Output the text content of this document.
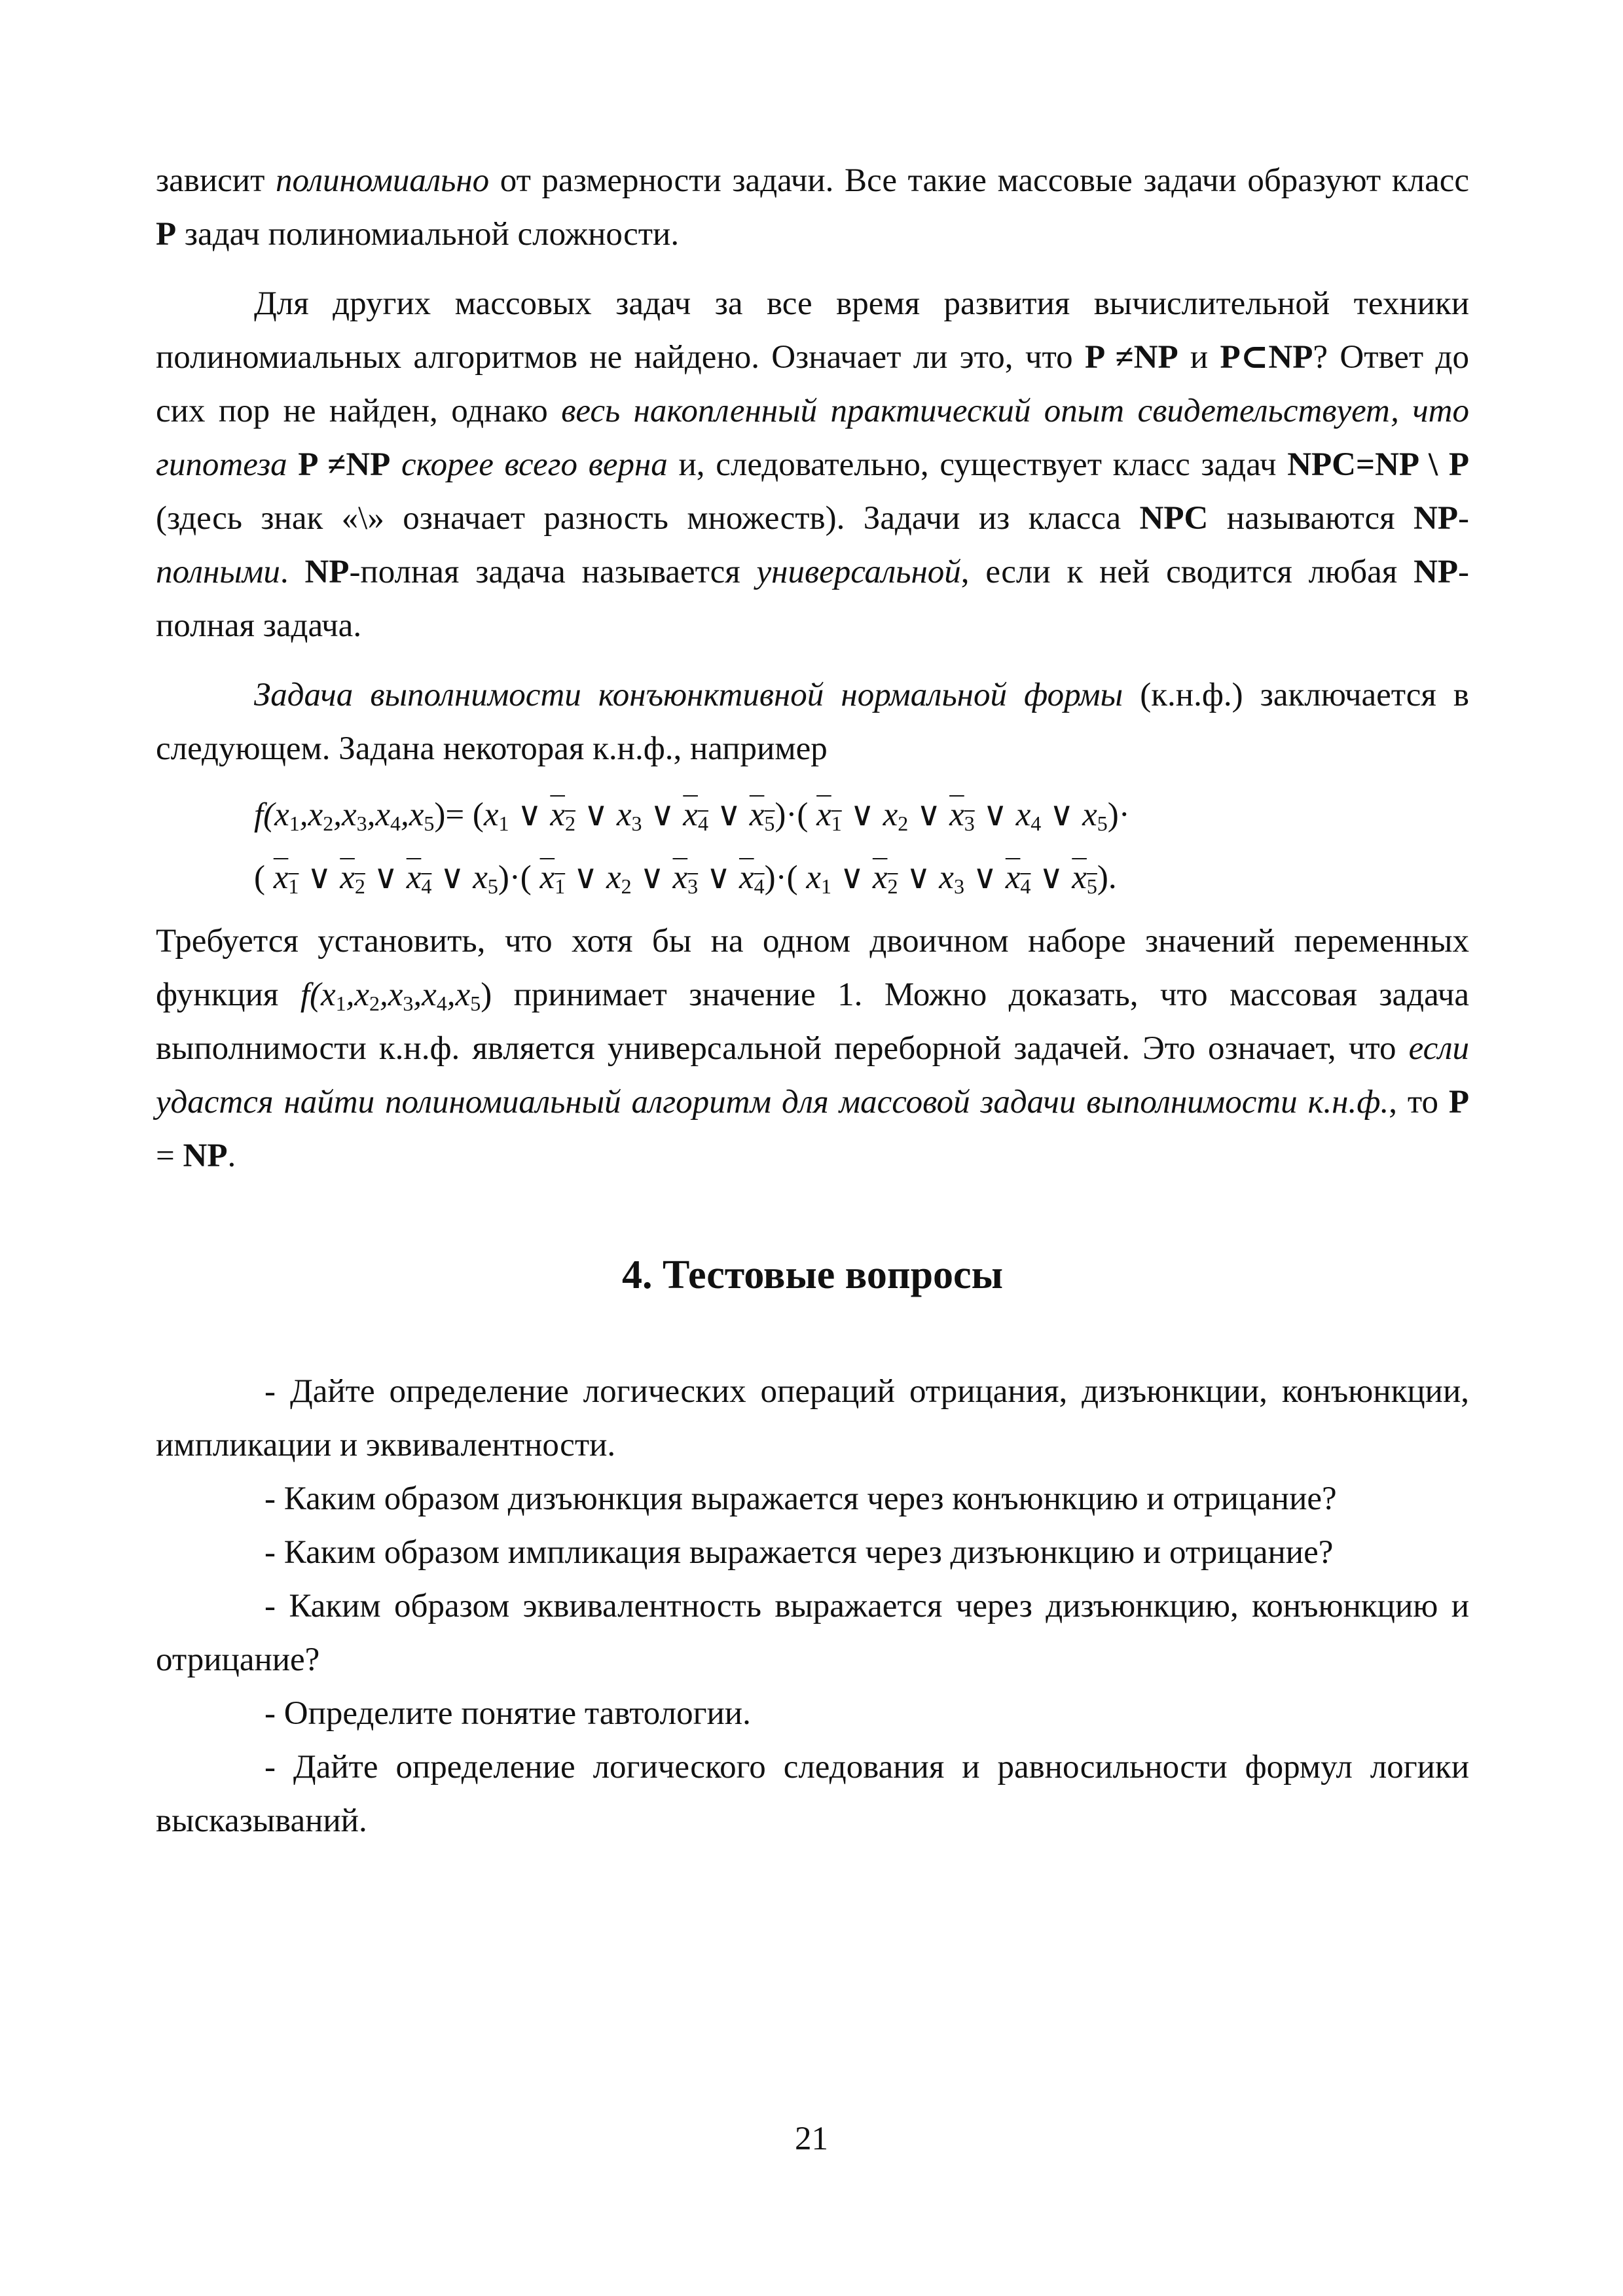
зависит полиномиально от размерности задачи. Все такие массовые задачи образуют класс P задач полиномиальной сложности.

Для других массовых задач за все время развития вычислительной техники полиномиальных алгоритмов не найдено. Означает ли это, что P ≠NP и P⊂NP? Ответ до сих пор не найден, однако весь накопленный практический опыт свидетельствует, что гипотеза P ≠NP скорее всего верна и, следовательно, существует класс задач NPC=NP \ P (здесь знак «\» означает разность множеств). Задачи из класса NPC называются NP-полными. NP-полная задача называется универсальной, если к ней сводится любая NP-полная задача.

Задача выполнимости конъюнктивной нормальной формы (к.н.ф.) заключается в следующем. Задана некоторая к.н.ф., например

$f(x_1,x_2,x_3,x_4,x_5)= (x_1$ ∨ $x_2$ ∨ $x_3$ ∨ $x_4$ ∨ $x_5)\cdot$( $x_1$ ∨ $x_2$ ∨ $x_3$ ∨ $x_4$ ∨ $x_5)\cdot$
( $x_1$ ∨ $x_2$ ∨ $x_4$ ∨ $x_5)\cdot$( $x_1$ ∨ $x_2$ ∨ $x_3$ ∨ $x_4)\cdot$( $x_1$ ∨ $x_2$ ∨ $x_3$ ∨ $x_4$ ∨ $x_5$).

Требуется установить, что хотя бы на одном двоичном наборе значений переменных функция $f(x_1,x_2,x_3,x_4,x_5)$ принимает значение 1. Можно доказать, что массовая задача выполнимости к.н.ф. является универсальной переборной задачей. Это означает, что если удастся найти полиномиальный алгоритм для массовой задачи выполнимости к.н.ф., то P = NP.

4. Тестовые вопросы

- Дайте определение логических операций отрицания, дизъюнкции, конъюнкции, импликации и эквивалентности.

- Каким образом дизъюнкция выражается через конъюнкцию и отрицание?

- Каким образом импликация выражается через дизъюнкцию и отрицание?

- Каким образом эквивалентность выражается через дизъюнкцию, конъюнкцию и отрицание?

- Определите понятие тавтологии.

- Дайте определение логического следования и равносильности формул логики высказываний.

21
